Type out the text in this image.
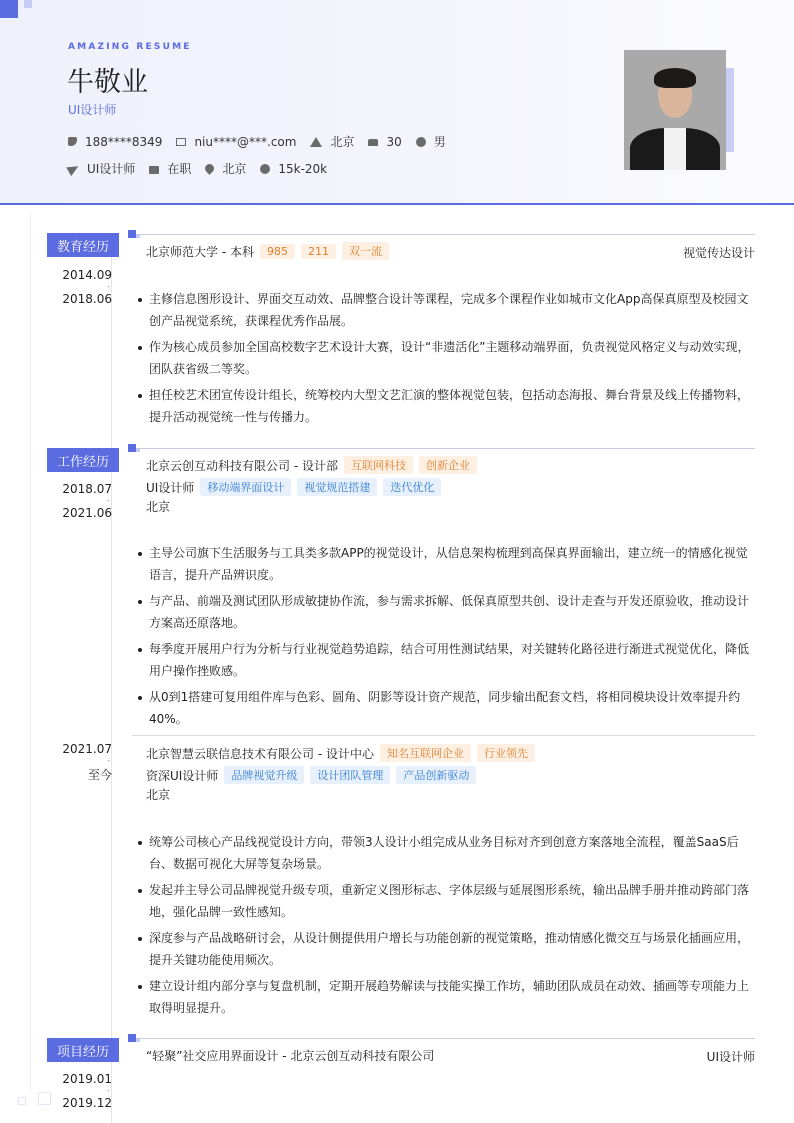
AMAZING RESUME
牛敬业
UI设计师
188****8349	niu****@***.com	北京	30	男
UI设计师	在职	北京	15k-20k
教育经历
2014.09
-
2018.06
北京师范大学 - 本科	985	211	双一流	视觉传达设计
主修信息图形设计、界面交互动效、品牌整合设计等课程，完成多个课程作业如城市文化App高保真原型及校园文创产品视觉系统，获课程优秀作品展。
作为核心成员参加全国高校数字艺术设计大赛，设计“非遗活化”主题移动端界面，负责视觉风格定义与动效实现，团队获省级二等奖。
担任校艺术团宣传设计组长，统筹校内大型文艺汇演的整体视觉包装，包括动态海报、舞台背景及线上传播物料，提升活动视觉统一性与传播力。
工作经历
2018.07
-
2021.06
北京云创互动科技有限公司 - 设计部	互联网科技	创新企业
UI设计师	移动端界面设计	视觉规范搭建	迭代优化
北京
主导公司旗下生活服务与工具类多款APP的视觉设计，从信息架构梳理到高保真界面输出，建立统一的情感化视觉语言，提升产品辨识度。
与产品、前端及测试团队形成敏捷协作流，参与需求拆解、低保真原型共创、设计走查与开发还原验收，推动设计方案高还原落地。
每季度开展用户行为分析与行业视觉趋势追踪，结合可用性测试结果，对关键转化路径进行渐进式视觉优化，降低用户操作挫败感。
从0到1搭建可复用组件库与色彩、圆角、阴影等设计资产规范，同步输出配套文档，将相同模块设计效率提升约40%。
2021.07
-
至今
北京智慧云联信息技术有限公司 - 设计中心	知名互联网企业	行业领先
资深UI设计师	品牌视觉升级	设计团队管理	产品创新驱动
北京
统筹公司核心产品线视觉设计方向，带领3人设计小组完成从业务目标对齐到创意方案落地全流程，覆盖SaaS后台、数据可视化大屏等复杂场景。
发起并主导公司品牌视觉升级专项，重新定义图形标志、字体层级与延展图形系统，输出品牌手册并推动跨部门落地，强化品牌一致性感知。
深度参与产品战略研讨会，从设计侧提供用户增长与功能创新的视觉策略，推动情感化微交互与场景化插画应用，提升关键功能使用频次。
建立设计组内部分享与复盘机制，定期开展趋势解读与技能实操工作坊，辅助团队成员在动效、插画等专项能力上取得明显提升。
项目经历	“轻聚”社交应用界面设计 - 北京云创互动科技有限公司	UI设计师
2019.01
-
2019.12
